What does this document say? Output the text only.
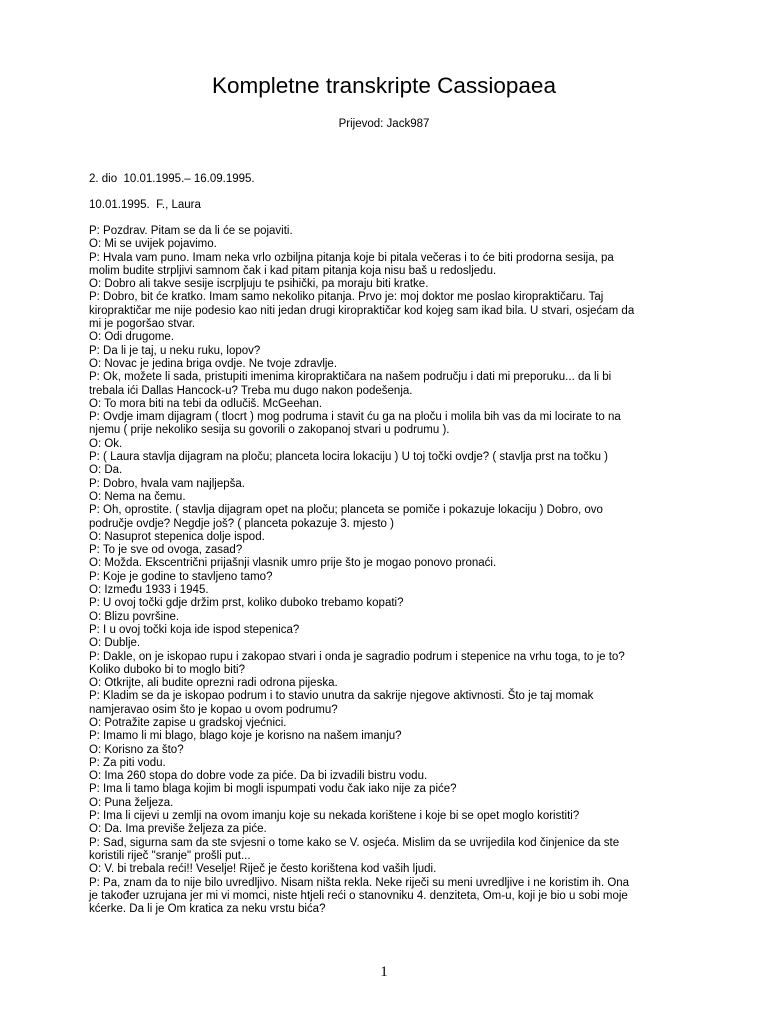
Kompletne transkripte Cassiopaea
Prijevod: Jack987
2. dio  10.01.1995.– 16.09.1995.
10.01.1995.  F., Laura
P: Pozdrav. Pitam se da li će se pojaviti.
O: Mi se uvijek pojavimo.
P: Hvala vam puno. Imam neka vrlo ozbiljna pitanja koje bi pitala večeras i to će biti prodorna sesija, pa
molim budite strpljivi samnom čak i kad pitam pitanja koja nisu baš u redosljedu.
O: Dobro ali takve sesije iscrpljuju te psihički, pa moraju biti kratke.
P: Dobro, bit će kratko. Imam samo nekoliko pitanja. Prvo je: moj doktor me poslao kiropraktičaru. Taj
kiropraktičar me nije podesio kao niti jedan drugi kiropraktičar kod kojeg sam ikad bila. U stvari, osjećam da
mi je pogoršao stvar.
O: Odi drugome.
P: Da li je taj, u neku ruku, lopov?
O: Novac je jedina briga ovdje. Ne tvoje zdravlje.
P: Ok, možete li sada, pristupiti imenima kiropraktičara na našem području i dati mi preporuku... da li bi
trebala ići Dallas Hancock-u? Treba mu dugo nakon podešenja.
O: To mora biti na tebi da odlučiš. McGeehan.
P: Ovdje imam dijagram ( tlocrt ) mog podruma i stavit ću ga na ploču i molila bih vas da mi locirate to na
njemu ( prije nekoliko sesija su govorili o zakopanoj stvari u podrumu ).
O: Ok.
P: ( Laura stavlja dijagram na ploču; planceta locira lokaciju ) U toj točki ovdje? ( stavlja prst na točku )
O: Da.
P: Dobro, hvala vam najljepša.
O: Nema na čemu.
P: Oh, oprostite. ( stavlja dijagram opet na ploču; planceta se pomiče i pokazuje lokaciju ) Dobro, ovo
područje ovdje? Negdje još? ( planceta pokazuje 3. mjesto )
O: Nasuprot stepenica dolje ispod.
P: To je sve od ovoga, zasad?
O: Možda. Ekscentrični prijašnji vlasnik umro prije što je mogao ponovo pronaći.
P: Koje je godine to stavljeno tamo?
O: Između 1933 i 1945.
P: U ovoj točki gdje držim prst, koliko duboko trebamo kopati?
O: Blizu površine.
P: I u ovoj točki koja ide ispod stepenica?
O: Dublje.
P: Dakle, on je iskopao rupu i zakopao stvari i onda je sagradio podrum i stepenice na vrhu toga, to je to?
Koliko duboko bi to moglo biti?
O: Otkrijte, ali budite oprezni radi odrona pijeska.
P: Kladim se da je iskopao podrum i to stavio unutra da sakrije njegove aktivnosti. Što je taj momak
namjeravao osim što je kopao u ovom podrumu?
O: Potražite zapise u gradskoj vjećnici.
P: Imamo li mi blago, blago koje je korisno na našem imanju?
O: Korisno za što?
P: Za piti vodu.
O: Ima 260 stopa do dobre vode za piće. Da bi izvadili bistru vodu.
P: Ima li tamo blaga kojim bi mogli ispumpati vodu čak iako nije za piće?
O: Puna željeza.
P: Ima li cijevi u zemlji na ovom imanju koje su nekada korištene i koje bi se opet moglo koristiti?
O: Da. Ima previše željeza za piće.
P: Sad, sigurna sam da ste svjesni o tome kako se V. osjeća. Mislim da se uvrijedila kod činjenice da ste
koristili riječ "sranje" prošli put...
O: V. bi trebala reći!! Veselje! Riječ je često korištena kod vaših ljudi.
P: Pa, znam da to nije bilo uvredljivo. Nisam ništa rekla. Neke riječi su meni uvredljive i ne koristim ih. Ona
je također uzrujana jer mi vi momci, niste htjeli reći o stanovniku 4. denziteta, Om-u, koji je bio u sobi moje
kćerke. Da li je Om kratica za neku vrstu bića?
1
